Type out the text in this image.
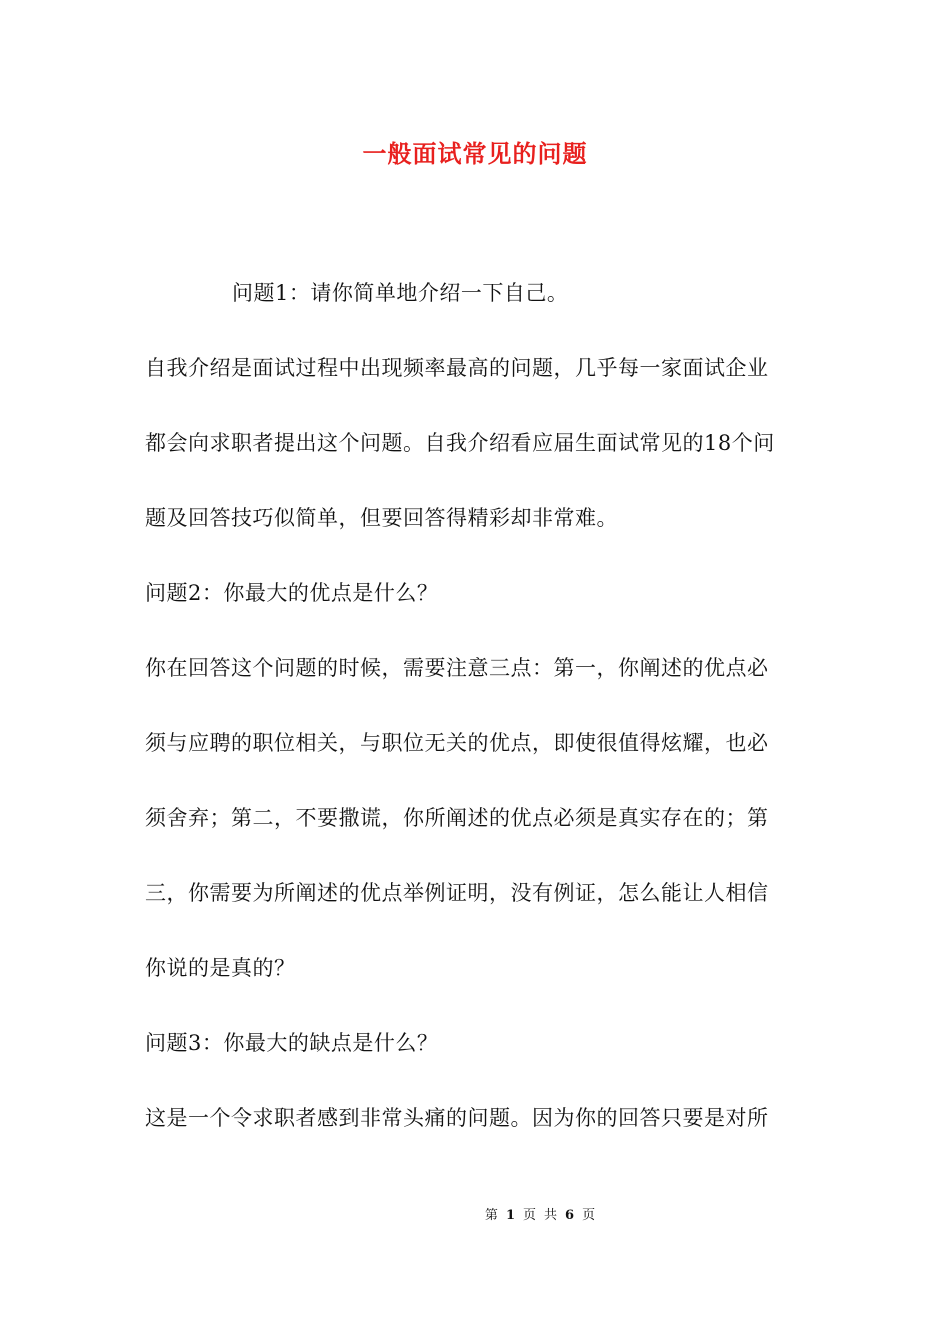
一般面试常见的问题
问题1：请你简单地介绍一下自己。
自我介绍是面试过程中出现频率最高的问题，几乎每一家面试企业
都会向求职者提出这个问题。自我介绍看应届生面试常见的18个问
题及回答技巧似简单，但要回答得精彩却非常难。
问题2：你最大的优点是什么？
你在回答这个问题的时候，需要注意三点：第一，你阐述的优点必
须与应聘的职位相关，与职位无关的优点，即使很值得炫耀，也必
须舍弃；第二，不要撒谎，你所阐述的优点必须是真实存在的；第
三，你需要为所阐述的优点举例证明，没有例证，怎么能让人相信
你说的是真的？
问题3：你最大的缺点是什么？
这是一个令求职者感到非常头痛的问题。因为你的回答只要是对所
第 1 页 共 6 页
